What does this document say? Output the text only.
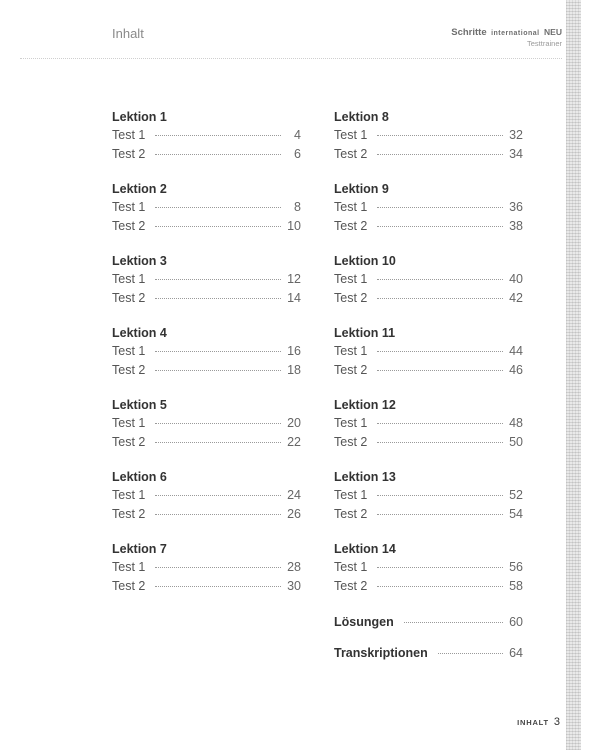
Inhalt	Schritte international NEU
Testtrainer
Lektion 1
Test 1	4
Test 2	6
Lektion 2
Test 1	8
Test 2	10
Lektion 3
Test 1	12
Test 2	14
Lektion 4
Test 1	16
Test 2	18
Lektion 5
Test 1	20
Test 2	22
Lektion 6
Test 1	24
Test 2	26
Lektion 7
Test 1	28
Test 2	30
Lektion 8
Test 1	32
Test 2	34
Lektion 9
Test 1	36
Test 2	38
Lektion 10
Test 1	40
Test 2	42
Lektion 11
Test 1	44
Test 2	46
Lektion 12
Test 1	48
Test 2	50
Lektion 13
Test 1	52
Test 2	54
Lektion 14
Test 1	56
Test 2	58
Lösungen	60
Transkriptionen	64
INHALT 3
